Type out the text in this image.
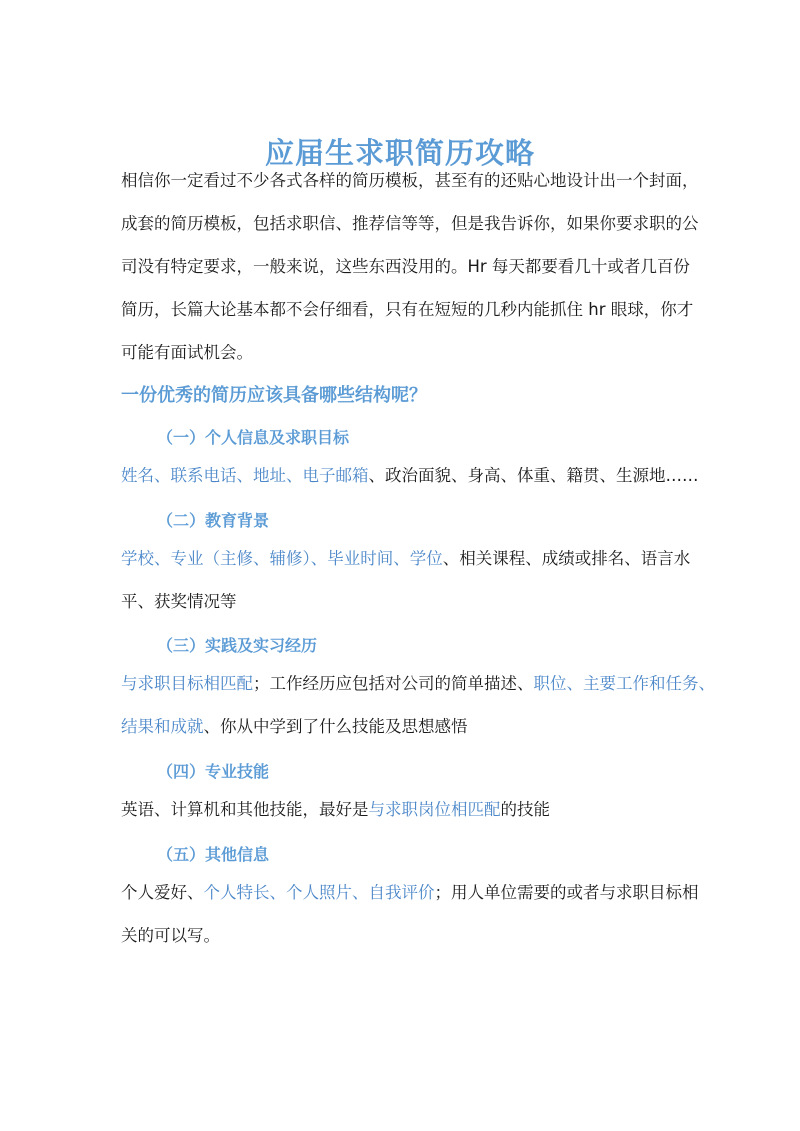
应届生求职简历攻略
相信你一定看过不少各式各样的简历模板，甚至有的还贴心地设计出一个封面，
成套的简历模板，包括求职信、推荐信等等，但是我告诉你，如果你要求职的公
司没有特定要求，一般来说，这些东西没用的。Hr 每天都要看几十或者几百份
简历，长篇大论基本都不会仔细看，只有在短短的几秒内能抓住 hr 眼球，你才
可能有面试机会。
一份优秀的简历应该具备哪些结构呢？
（一）个人信息及求职目标
姓名、联系电话、地址、电子邮箱、政治面貌、身高、体重、籍贯、生源地……
（二）教育背景
学校、专业（主修、辅修）、毕业时间、学位、相关课程、成绩或排名、语言水
平、获奖情况等
（三）实践及实习经历
与求职目标相匹配；工作经历应包括对公司的简单描述、职位、主要工作和任务、
结果和成就、你从中学到了什么技能及思想感悟
（四）专业技能
英语、计算机和其他技能，最好是与求职岗位相匹配的技能
（五）其他信息
个人爱好、个人特长、个人照片、自我评价；用人单位需要的或者与求职目标相
关的可以写。
